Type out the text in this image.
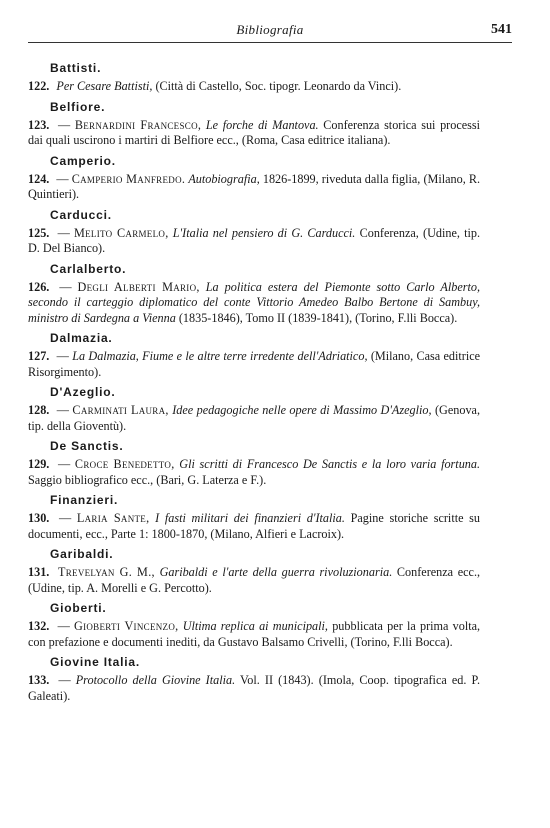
Bibliografia	541
Battisti.
122. Per Cesare Battisti, (Città di Castello, Soc. tipogr. Leonardo da Vinci).
Belfiore.
123. — Bernardini Francesco, Le forche di Mantova. Conferenza storica sui processi dai quali uscirono i martiri di Belfiore ecc., (Roma, Casa editrice italiana).
Camperio.
124. — Camperio Manfredo. Autobiografia, 1826-1899, riveduta dalla figlia, (Milano, R. Quintieri).
Carducci.
125. — Melito Carmelo, L'Italia nel pensiero di G. Carducci. Conferenza, (Udine, tip. D. Del Bianco).
Carlalberto.
126. — Degli Alberti Mario, La politica estera del Piemonte sotto Carlo Alberto, secondo il carteggio diplomatico del conte Vittorio Amedeo Balbo Bertone di Sambuy, ministro di Sardegna a Vienna (1835-1846), Tomo II (1839-1841), (Torino, F.lli Bocca).
Dalmazia.
127. — La Dalmazia, Fiume e le altre terre irredente dell'Adriatico, (Milano, Casa editrice Risorgimento).
D'Azeglio.
128. — Carminati Laura, Idee pedagogiche nelle opere di Massimo D'Azeglio, (Genova, tip. della Gioventù).
De Sanctis.
129. — Croce Benedetto, Gli scritti di Francesco De Sanctis e la loro varia fortuna. Saggio bibliografico ecc., (Bari, G. Laterza e F.).
Finanzieri.
130. — Laria Sante, I fasti militari dei finanzieri d'Italia. Pagine storiche scritte su documenti, ecc., Parte 1: 1800-1870, (Milano, Alfieri e Lacroix).
Garibaldi.
131. Trevelyan G. M., Garibaldi e l'arte della guerra rivoluzionaria. Conferenza ecc., (Udine, tip. A. Morelli e G. Percotto).
Gioberti.
132. — Gioberti Vincenzo, Ultima replica ai municipali, pubblicata per la prima volta, con prefazione e documenti inediti, da Gustavo Balsamo Crivelli, (Torino, F.lli Bocca).
Giovine Italia.
133. — Protocollo della Giovine Italia. Vol. II (1843). (Imola, Coop. tipografica ed. P. Galeati).
